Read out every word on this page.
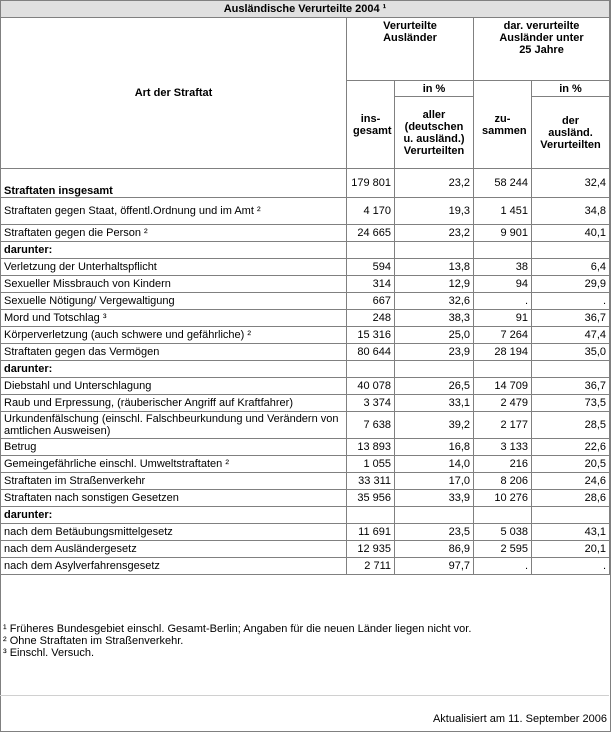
Ausländische Verurteilte 2004 ¹				
Art der Straftat	Verurteilte Ausländer		dar. verurteilte Ausländer unter 25 Jahre	
	ins-gesamt	in %	zu-sammen	in %
		aller (deutschen u. ausländ.) Verurteilten		der ausländ. Verurteilten
Straftaten insgesamt	179 801	23,2	58 244	32,4
Straftaten gegen Staat, öffentl.Ordnung und im Amt ²	4 170	19,3	1 451	34,8
Straftaten gegen die Person ²	24 665	23,2	9 901	40,1
darunter:				
Verletzung der Unterhaltspflicht	594	13,8	38	6,4
Sexueller Missbrauch von Kindern	314	12,9	94	29,9
Sexuelle Nötigung/ Vergewaltigung	667	32,6	.	.
Mord und Totschlag ³	248	38,3	91	36,7
Körperverletzung (auch schwere und gefährliche) ²	15 316	25,0	7 264	47,4
Straftaten gegen das Vermögen	80 644	23,9	28 194	35,0
darunter:				
Diebstahl und Unterschlagung	40 078	26,5	14 709	36,7
Raub und Erpressung, (räuberischer Angriff auf Kraftfahrer)	3 374	33,1	2 479	73,5
Urkundenfälschung (einschl. Falschbeurkundung und Verändern von amtlichen Ausweisen)	7 638	39,2	2 177	28,5
Betrug	13 893	16,8	3 133	22,6
Gemeingefährliche einschl. Umweltstraftaten ²	1 055	14,0	216	20,5
Straftaten im Straßenverkehr	33 311	17,0	8 206	24,6
Straftaten nach sonstigen Gesetzen	35 956	33,9	10 276	28,6
darunter:				
nach dem Betäubungsmittelgesetz	11 691	23,5	5 038	43,1
nach dem Ausländergesetz	12 935	86,9	2 595	20,1
nach dem Asylverfahrensgesetz	2 711	97,7	.	.
¹ Früheres Bundesgebiet einschl. Gesamt-Berlin; Angaben für die neuen Länder liegen nicht vor.
² Ohne Straftaten im Straßenverkehr.
³ Einschl. Versuch.
Aktualisiert am 11. September 2006
